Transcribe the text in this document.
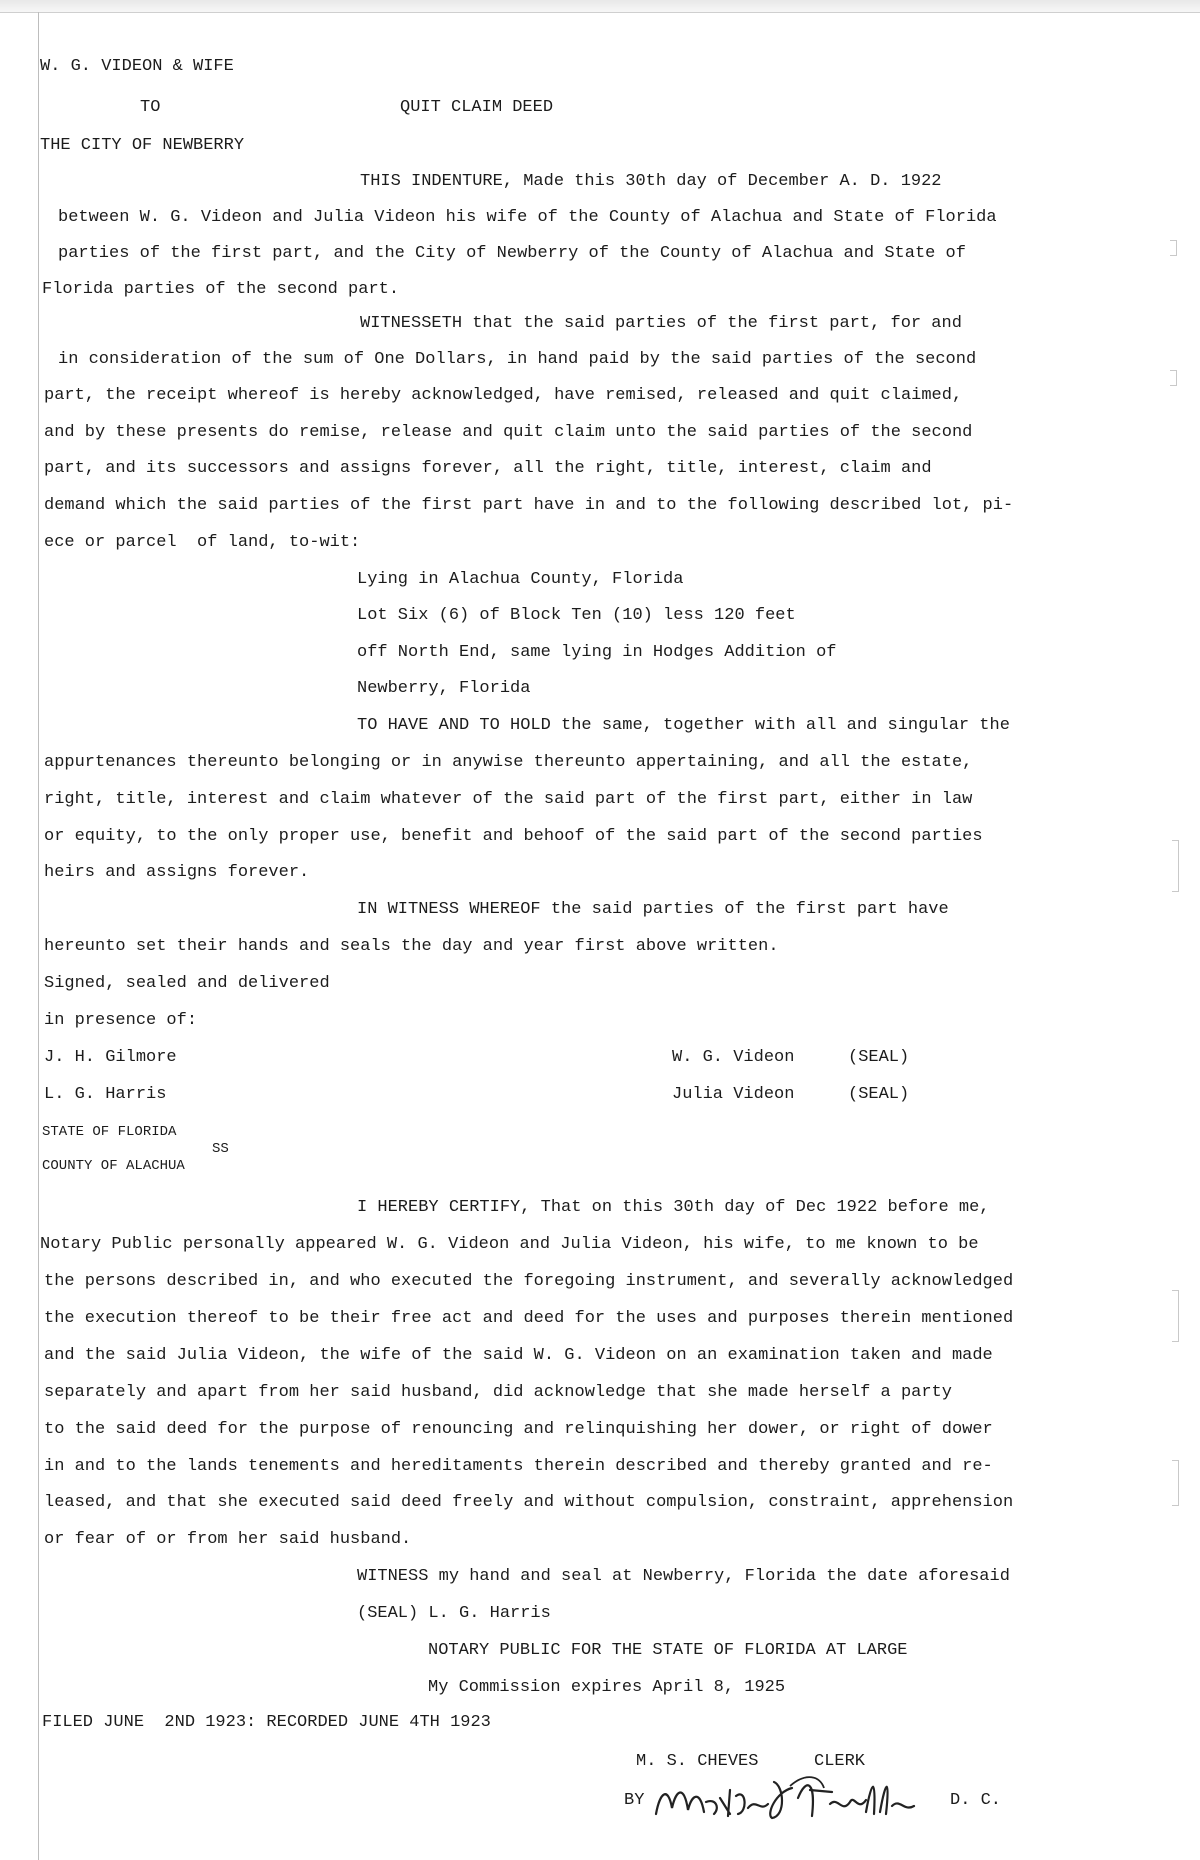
W. G. VIDEON & WIFE
TO	QUIT CLAIM DEED
THE CITY OF NEWBERRY
THIS INDENTURE, Made this 30th day of December A. D. 1922
between W. G. Videon and Julia Videon his wife of the County of Alachua and State of Florida
parties of the first part, and the City of Newberry of the County of Alachua and State of
Florida parties of the second part.
WITNESSETH that the said parties of the first part, for and
in consideration of the sum of One Dollars, in hand paid by the said parties of the second
part, the receipt whereof is hereby acknowledged, have remised, released and quit claimed,
and by these presents do remise, release and quit claim unto the said parties of the second
part, and its successors and assigns forever, all the right, title, interest, claim and
demand which the said parties of the first part have in and to the following described lot, pi-
ece or parcel  of land, to-wit:
Lying in Alachua County, Florida
Lot Six (6) of Block Ten (10) less 120 feet
off North End, same lying in Hodges Addition of
Newberry, Florida
TO HAVE AND TO HOLD the same, together with all and singular the
appurtenances thereunto belonging or in anywise thereunto appertaining, and all the estate,
right, title, interest and claim whatever of the said part of the first part, either in law
or equity, to the only proper use, benefit and behoof of the said part of the second parties
heirs and assigns forever.
IN WITNESS WHEREOF the said parties of the first part have
hereunto set their hands and seals the day and year first above written.
Signed, sealed and delivered
in presence of:
J. H. Gilmore
L. G. Harris
W. G. Videon	(SEAL)
Julia Videon	(SEAL)
STATE OF FLORIDA
SS
COUNTY OF ALACHUA
I HEREBY CERTIFY, That on this 30th day of Dec 1922 before me,
Notary Public personally appeared W. G. Videon and Julia Videon, his wife, to me known to be
the persons described in, and who executed the foregoing instrument, and severally acknowledged
the execution thereof to be their free act and deed for the uses and purposes therein mentioned
and the said Julia Videon, the wife of the said W. G. Videon on an examination taken and made
separately and apart from her said husband, did acknowledge that she made herself a party
to the said deed for the purpose of renouncing and relinquishing her dower, or right of dower
in and to the lands tenements and hereditaments therein described and thereby granted and re-
leased, and that she executed said deed freely and without compulsion, constraint, apprehension
or fear of or from her said husband.
WITNESS my hand and seal at Newberry, Florida the date aforesaid
(SEAL) L. G. Harris
NOTARY PUBLIC FOR THE STATE OF FLORIDA AT LARGE
My Commission expires April 8, 1925
FILED JUNE  2ND 1923: RECORDED JUNE 4TH 1923
M. S. CHEVES	CLERK
BY	D. C.
